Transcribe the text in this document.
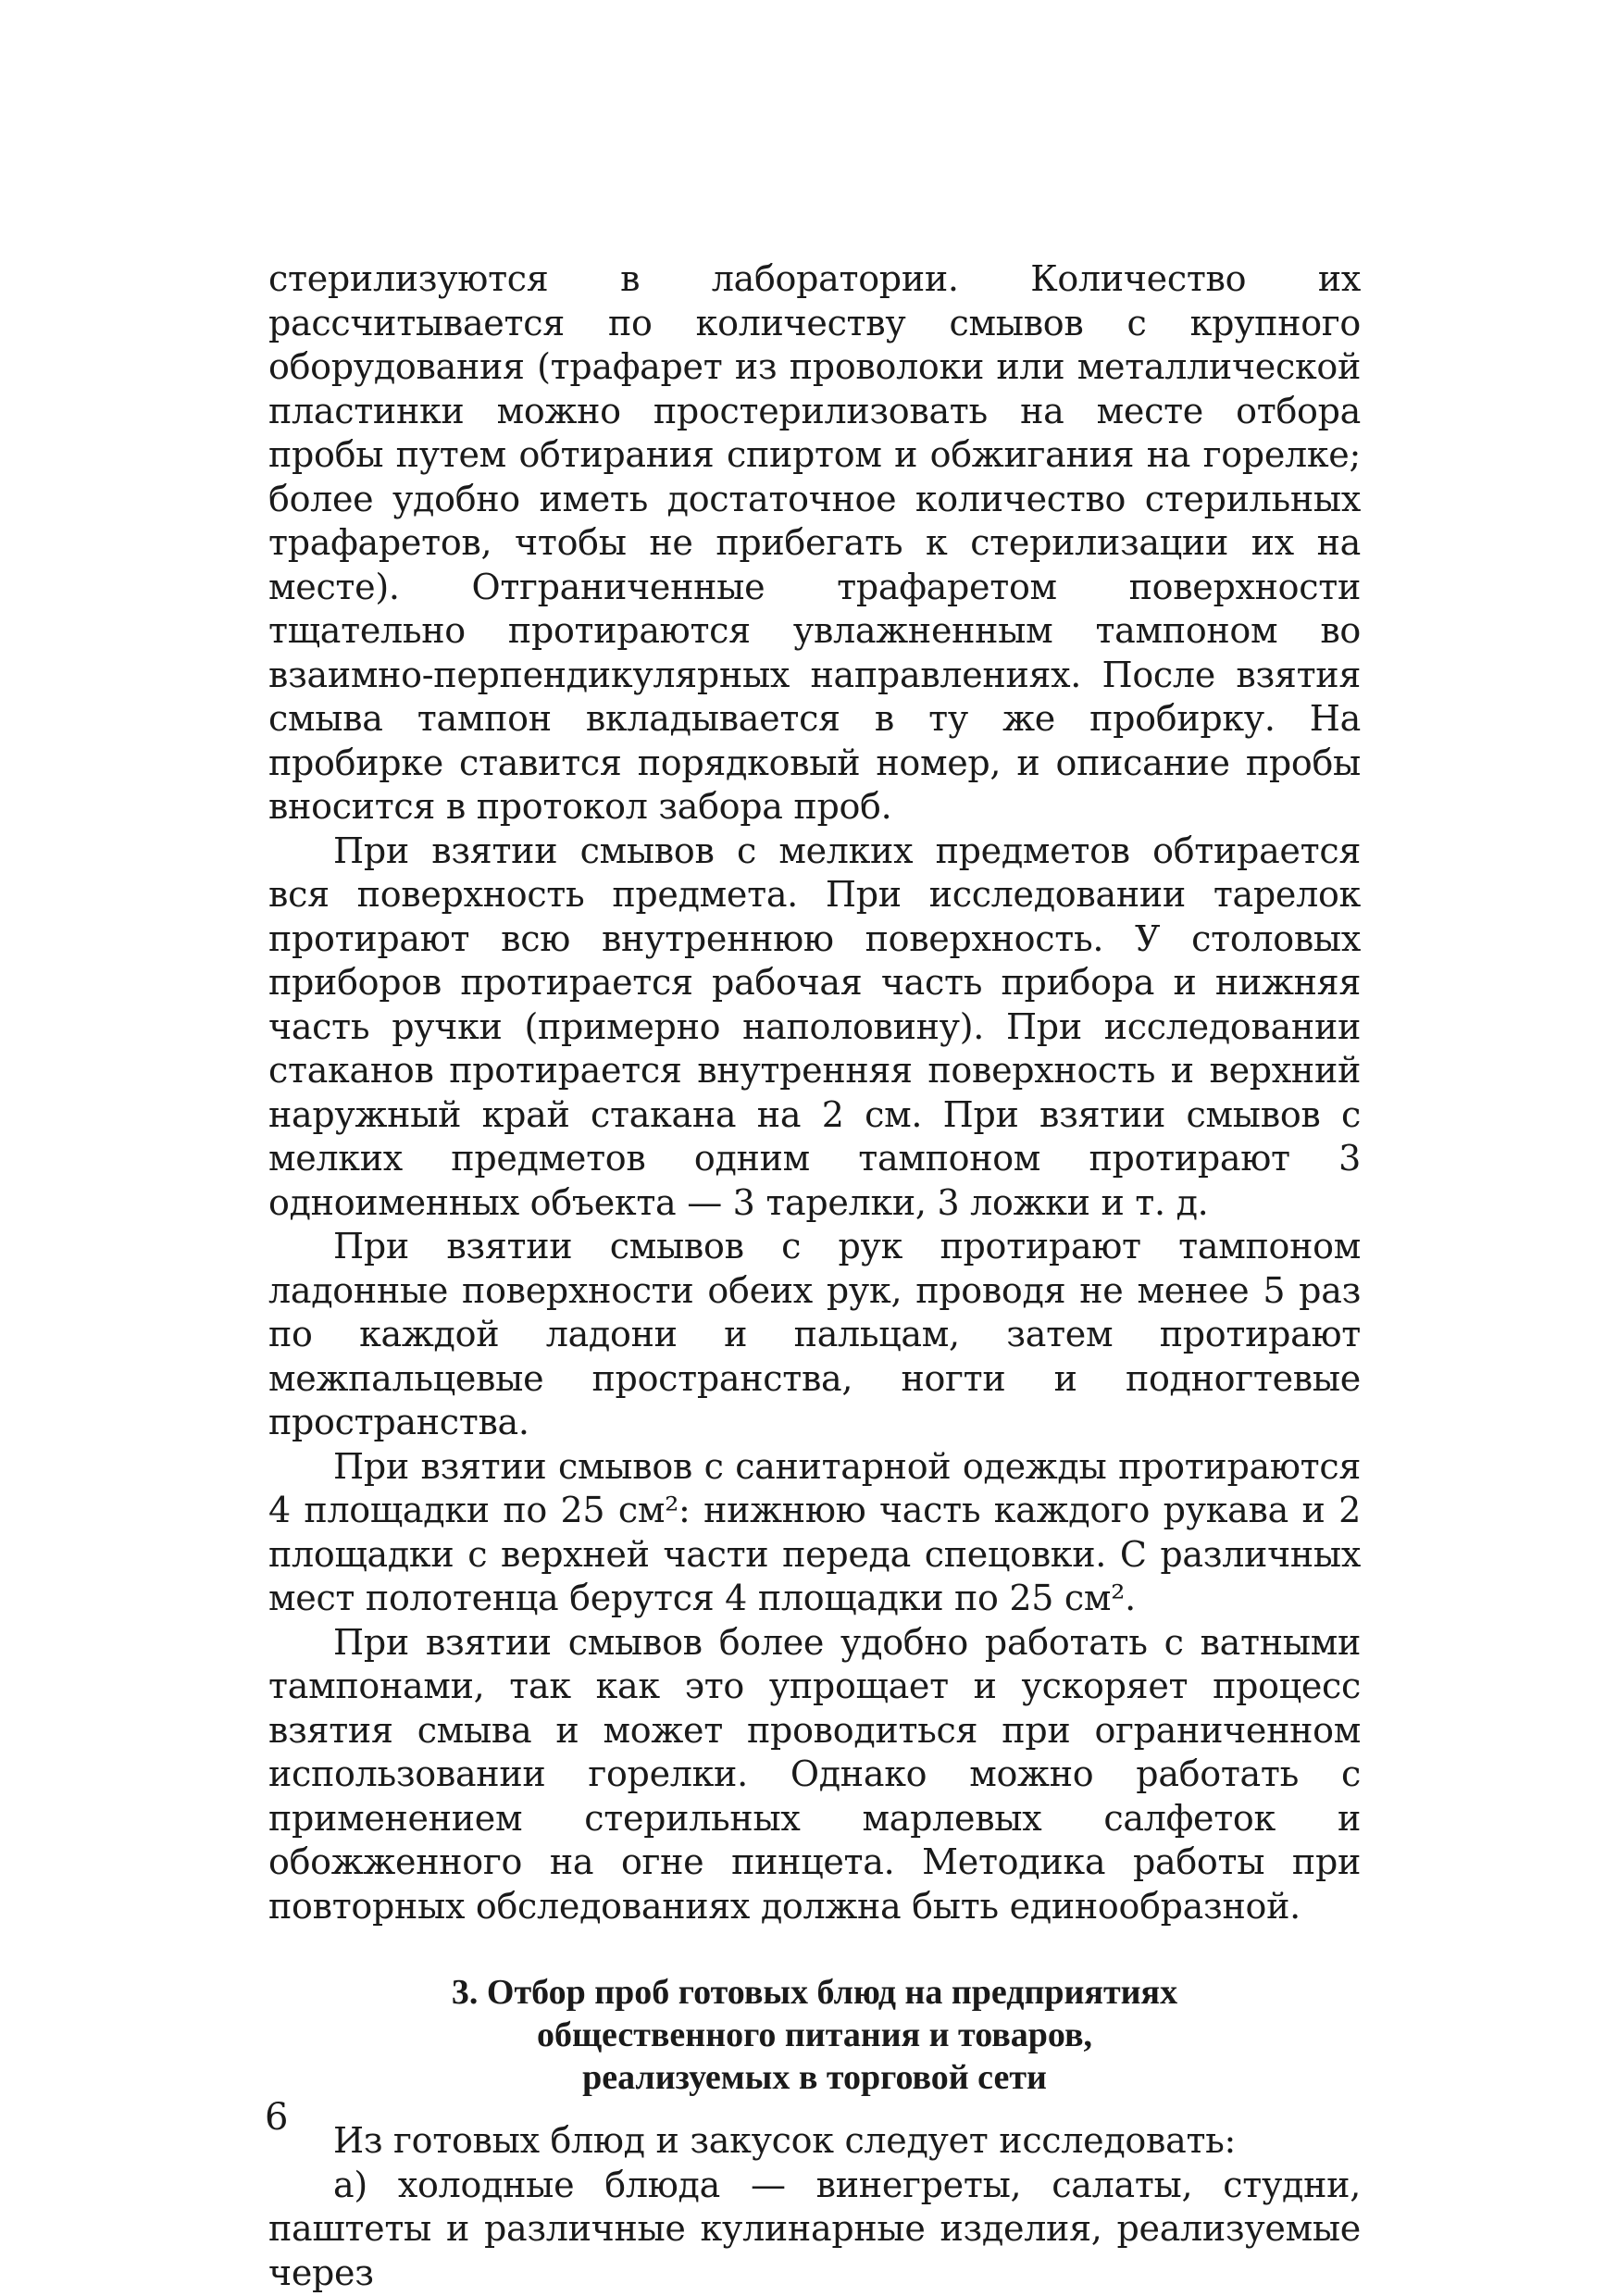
стерилизуются в лаборатории. Количество их рассчитывается по количеству смывов с крупного оборудования (трафарет из проволоки или металлической пластинки можно простерилизовать на месте отбора пробы путем обтирания спиртом и обжигания на горелке; более удобно иметь достаточное количество стерильных трафаретов, чтобы не прибегать к стерилизации их на месте). Отграниченные трафаретом поверхности тщательно протираются увлажненным тампоном во взаимно-перпендикулярных направлениях. После взятия смыва тампон вкладывается в ту же пробирку. На пробирке ставится порядковый номер, и описание пробы вносится в протокол забора проб.

При взятии смывов с мелких предметов обтирается вся поверхность предмета. При исследовании тарелок протирают всю внутреннюю поверхность. У столовых приборов протирается рабочая часть прибора и нижняя часть ручки (примерно наполовину). При исследовании стаканов протирается внутренняя поверхность и верхний наружный край стакана на 2 см. При взятии смывов с мелких предметов одним тампоном протирают 3 одноименных объекта — 3 тарелки, 3 ложки и т. д.

При взятии смывов с рук протирают тампоном ладонные поверхности обеих рук, проводя не менее 5 раз по каждой ладони и пальцам, затем протирают межпальцевые пространства, ногти и подногтевые пространства.

При взятии смывов с санитарной одежды протираются 4 площадки по 25 см²: нижнюю часть каждого рукава и 2 площадки с верхней части переда спецовки. С различных мест полотенца берутся 4 площадки по 25 см².

При взятии смывов более удобно работать с ватными тампонами, так как это упрощает и ускоряет процесс взятия смыва и может проводиться при ограниченном использовании горелки. Однако можно работать с применением стерильных марлевых салфеток и обожженного на огне пинцета. Методика работы при повторных обследованиях должна быть единообразной.

3. Отбор проб готовых блюд на предприятиях
общественного питания и товаров,
реализуемых в торговой сети

Из готовых блюд и закусок следует исследовать:

а) холодные блюда — винегреты, салаты, студни, паштеты и различные кулинарные изделия, реализуемые через

6
